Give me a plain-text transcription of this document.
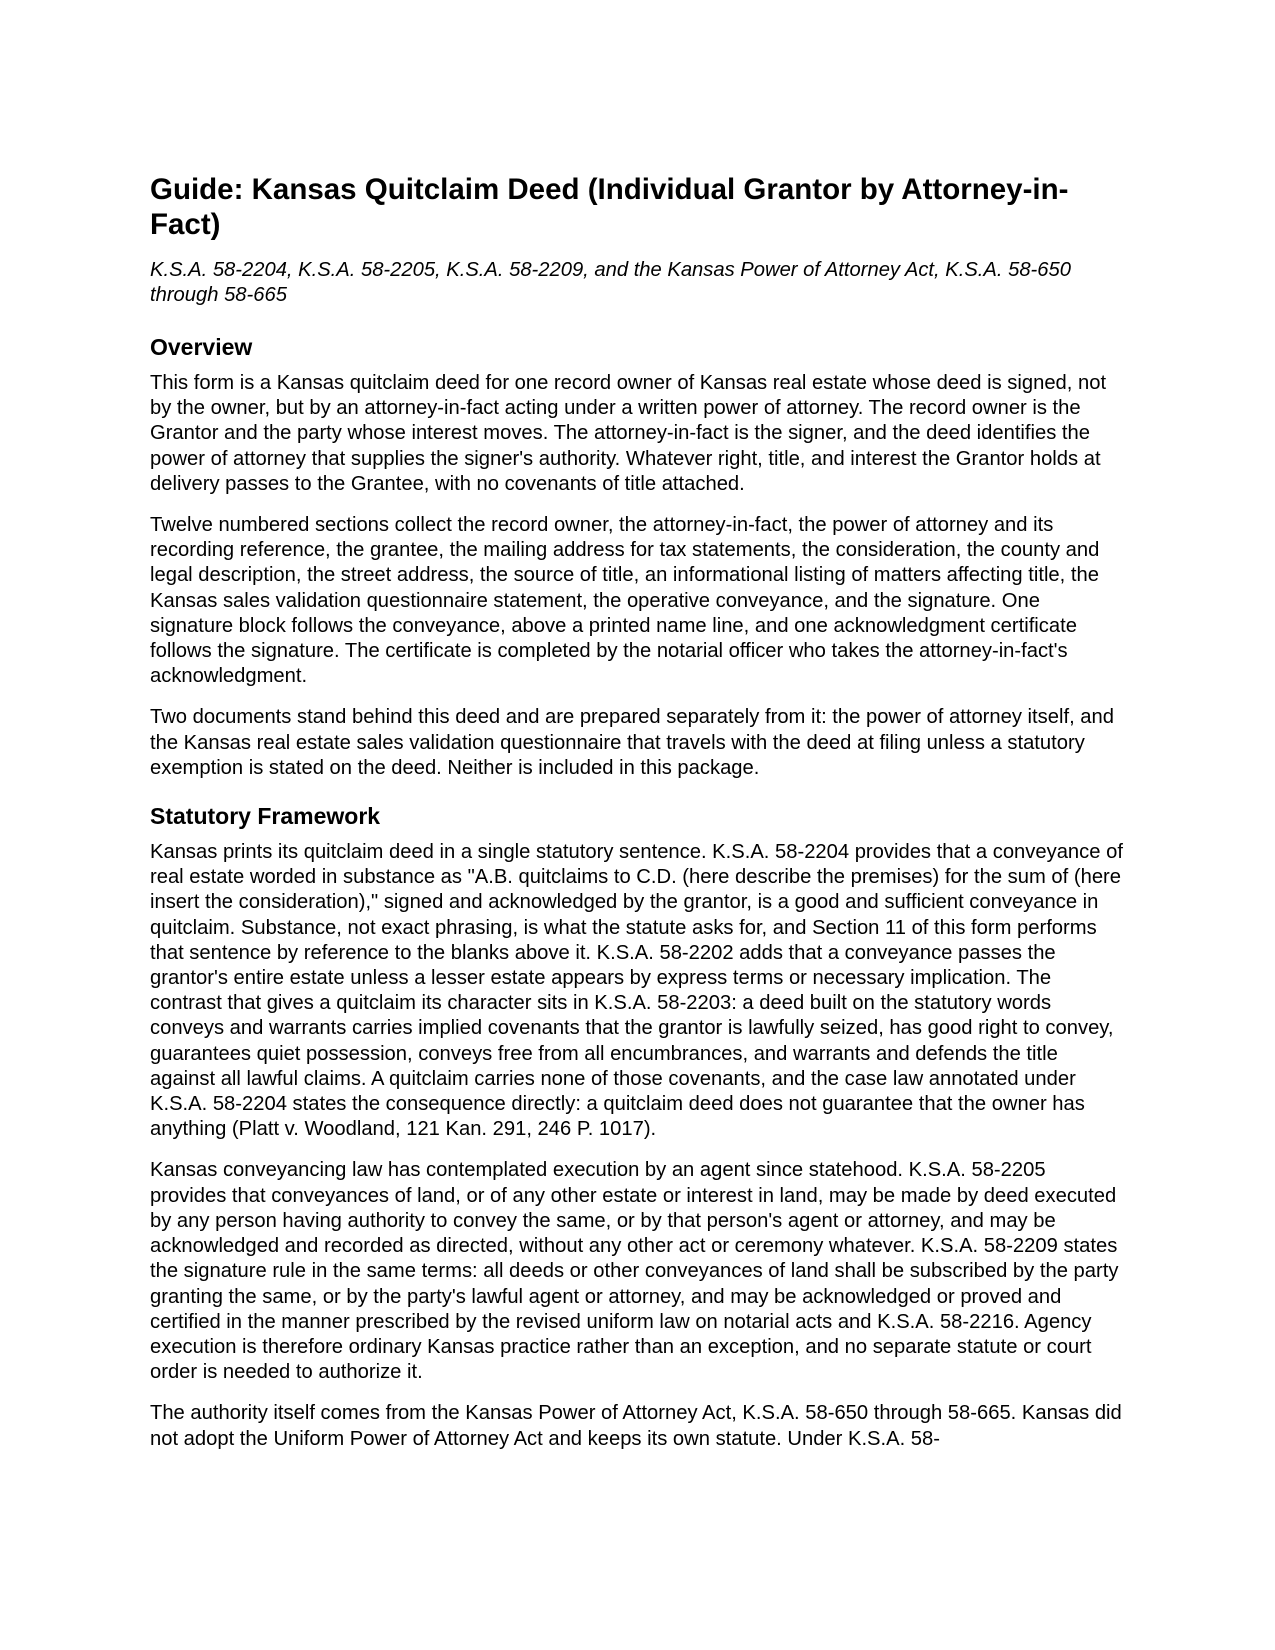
Guide: Kansas Quitclaim Deed (Individual Grantor by Attorney-in-Fact)
K.S.A. 58-2204, K.S.A. 58-2205, K.S.A. 58-2209, and the Kansas Power of Attorney Act, K.S.A. 58-650 through 58-665
Overview

This form is a Kansas quitclaim deed for one record owner of Kansas real estate whose deed is signed, not by the owner, but by an attorney-in-fact acting under a written power of attorney. The record owner is the Grantor and the party whose interest moves. The attorney-in-fact is the signer, and the deed identifies the power of attorney that supplies the signer's authority. Whatever right, title, and interest the Grantor holds at delivery passes to the Grantee, with no covenants of title attached.

Twelve numbered sections collect the record owner, the attorney-in-fact, the power of attorney and its recording reference, the grantee, the mailing address for tax statements, the consideration, the county and legal description, the street address, the source of title, an informational listing of matters affecting title, the Kansas sales validation questionnaire statement, the operative conveyance, and the signature. One signature block follows the conveyance, above a printed name line, and one acknowledgment certificate follows the signature. The certificate is completed by the notarial officer who takes the attorney-in-fact's acknowledgment.

Two documents stand behind this deed and are prepared separately from it: the power of attorney itself, and the Kansas real estate sales validation questionnaire that travels with the deed at filing unless a statutory exemption is stated on the deed. Neither is included in this package.

Statutory Framework

Kansas prints its quitclaim deed in a single statutory sentence. K.S.A. 58-2204 provides that a conveyance of real estate worded in substance as "A.B. quitclaims to C.D. (here describe the premises) for the sum of (here insert the consideration)," signed and acknowledged by the grantor, is a good and sufficient conveyance in quitclaim. Substance, not exact phrasing, is what the statute asks for, and Section 11 of this form performs that sentence by reference to the blanks above it. K.S.A. 58-2202 adds that a conveyance passes the grantor's entire estate unless a lesser estate appears by express terms or necessary implication. The contrast that gives a quitclaim its character sits in K.S.A. 58-2203: a deed built on the statutory words conveys and warrants carries implied covenants that the grantor is lawfully seized, has good right to convey, guarantees quiet possession, conveys free from all encumbrances, and warrants and defends the title against all lawful claims. A quitclaim carries none of those covenants, and the case law annotated under K.S.A. 58-2204 states the consequence directly: a quitclaim deed does not guarantee that the owner has anything (Platt v. Woodland, 121 Kan. 291, 246 P. 1017).

Kansas conveyancing law has contemplated execution by an agent since statehood. K.S.A. 58-2205 provides that conveyances of land, or of any other estate or interest in land, may be made by deed executed by any person having authority to convey the same, or by that person's agent or attorney, and may be acknowledged and recorded as directed, without any other act or ceremony whatever. K.S.A. 58-2209 states the signature rule in the same terms: all deeds or other conveyances of land shall be subscribed by the party granting the same, or by the party's lawful agent or attorney, and may be acknowledged or proved and certified in the manner prescribed by the revised uniform law on notarial acts and K.S.A. 58-2216. Agency execution is therefore ordinary Kansas practice rather than an exception, and no separate statute or court order is needed to authorize it.

The authority itself comes from the Kansas Power of Attorney Act, K.S.A. 58-650 through 58-665. Kansas did not adopt the Uniform Power of Attorney Act and keeps its own statute. Under K.S.A. 58-
